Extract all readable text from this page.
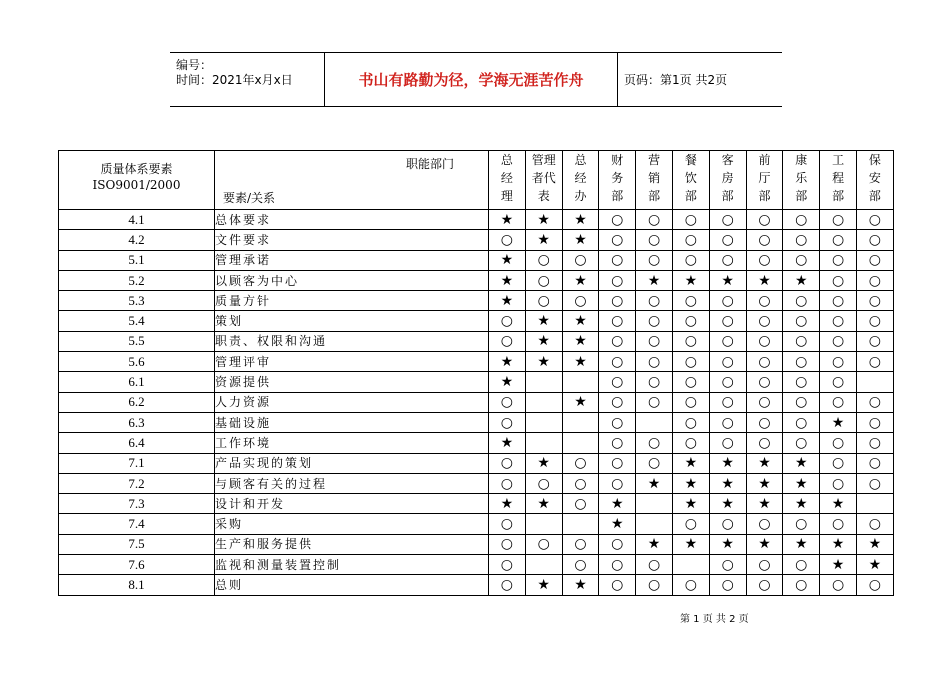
编号：
时间：2021年x月x日	书山有路勤为径，学海无涯苦作舟	页码：第1页 共2页
质量体系要素
ISO9001/2000	职能部门
要素/关系	总
经
理	管理
者代
表	总
经
办	财
务
部	营
销
部	餐
饮
部	客
房
部	前
厅
部	康
乐
部	工
程
部	保
安
部

4.1	总体要求	★	★	★	○	○	○	○	○	○	○	○
4.2	文件要求	○	★	★	○	○	○	○	○	○	○	○
5.1	管理承诺	★	○	○	○	○	○	○	○	○	○	○
5.2	以顾客为中心	★	○	★	○	★	★	★	★	★	○	○
5.3	质量方针	★	○	○	○	○	○	○	○	○	○	○
5.4	策划	○	★	★	○	○	○	○	○	○	○	○
5.5	职责、权限和沟通	○	★	★	○	○	○	○	○	○	○	○
5.6	管理评审	★	★	★	○	○	○	○	○	○	○	○
6.1	资源提供	★			○	○	○	○	○	○	○	
6.2	人力资源	○		★	○	○	○	○	○	○	○	○
6.3	基础设施	○			○		○	○	○	○	★	○
6.4	工作环境	★			○	○	○	○	○	○	○	○
7.1	产品实现的策划	○	★	○	○	○	★	★	★	★	○	○
7.2	与顾客有关的过程	○	○	○	○	★	★	★	★	★	○	○
7.3	设计和开发	★	★	○	★		★	★	★	★	★	
7.4	采购	○			★		○	○	○	○	○	○
7.5	生产和服务提供	○	○	○	○	★	★	★	★	★	★	★
7.6	监视和测量装置控制	○		○	○	○		○	○	○	★	★
8.1	总则	○	★	★	○	○	○	○	○	○	○	○
第 1 页 共 2 页
